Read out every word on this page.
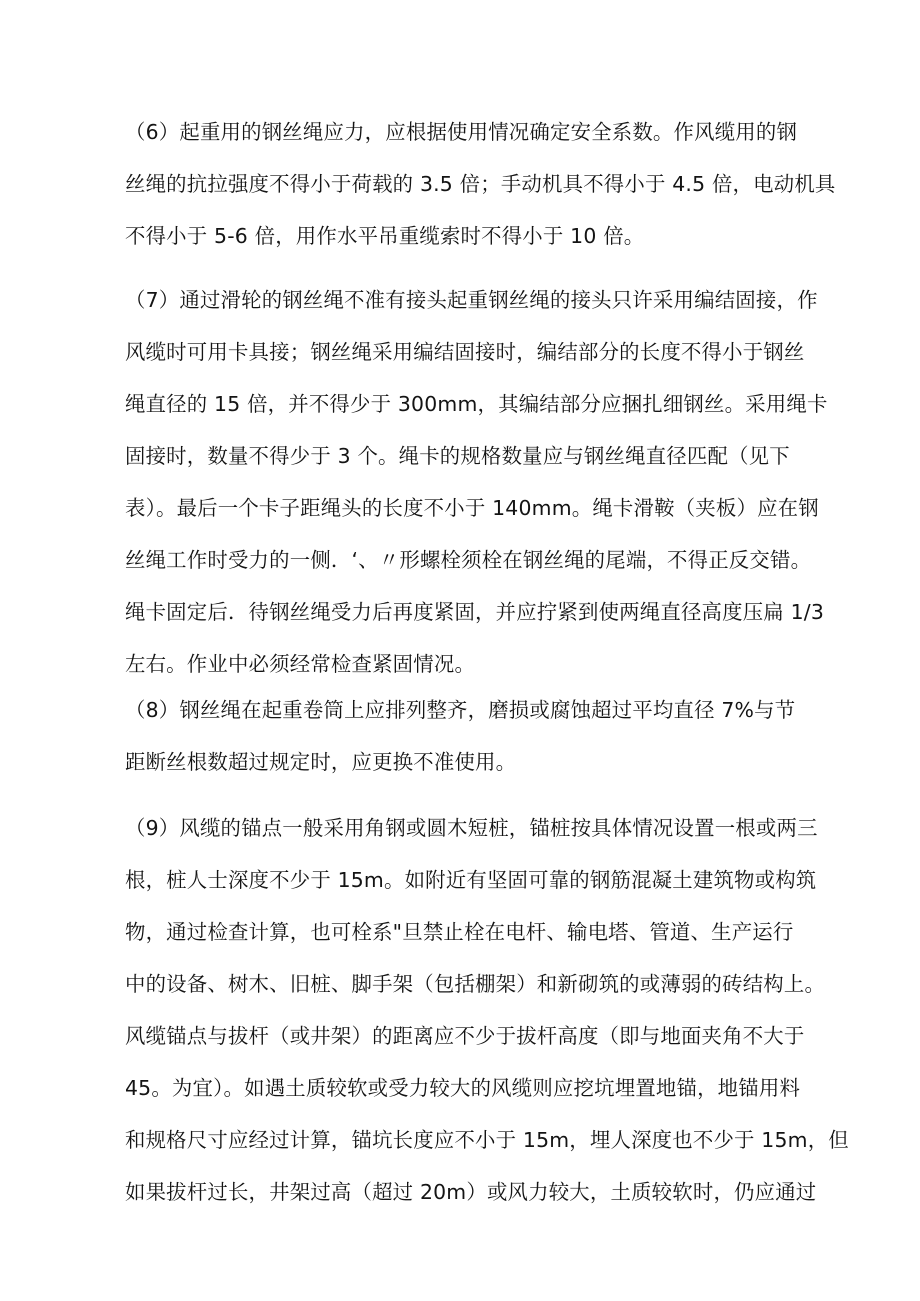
（6）起重用的钢丝绳应力，应根据使用情况确定安全系数。作风缆用的钢
丝绳的抗拉强度不得小于荷载的 3.5 倍；手动机具不得小于 4.5 倍，电动机具
不得小于 5-6 倍，用作水平吊重缆索时不得小于 10 倍。
（7）通过滑轮的钢丝绳不准有接头起重钢丝绳的接头只许采用编结固接，作
风缆时可用卡具接；钢丝绳采用编结固接时，编结部分的长度不得小于钢丝
绳直径的 15 倍，并不得少于 300mm，其编结部分应捆扎细钢丝。采用绳卡
固接时，数量不得少于 3 个。绳卡的规格数量应与钢丝绳直径匹配（见下
表）。最后一个卡子距绳头的长度不小于 140mm。绳卡滑鞍（夹板）应在钢
丝绳工作时受力的一侧．‘、〃形螺栓须栓在钢丝绳的尾端，不得正反交错。
绳卡固定后．待钢丝绳受力后再度紧固，并应拧紧到使两绳直径高度压扁 1/3
左右。作业中必须经常检查紧固情况。
（8）钢丝绳在起重卷筒上应排列整齐，磨损或腐蚀超过平均直径 7%与节
距断丝根数超过规定时，应更换不准使用。
（9）风缆的锚点一般采用角钢或圆木短桩，锚桩按具体情况设置一根或两三
根，桩人士深度不少于 15m。如附近有坚固可靠的钢筋混凝土建筑物或构筑
物，通过检查计算，也可栓系"旦禁止栓在电杆、输电塔、管道、生产运行
中的设备、树木、旧桩、脚手架（包括棚架）和新砌筑的或薄弱的砖结构上。
风缆锚点与拔杆（或井架）的距离应不少于拔杆高度（即与地面夹角不大于
45。为宜）。如遇土质较软或受力较大的风缆则应挖坑埋置地锚，地锚用料
和规格尺寸应经过计算，锚坑长度应不小于 15m，埋人深度也不少于 15m，但
如果拔杆过长，井架过高（超过 20m）或风力较大，土质较软时，仍应通过
